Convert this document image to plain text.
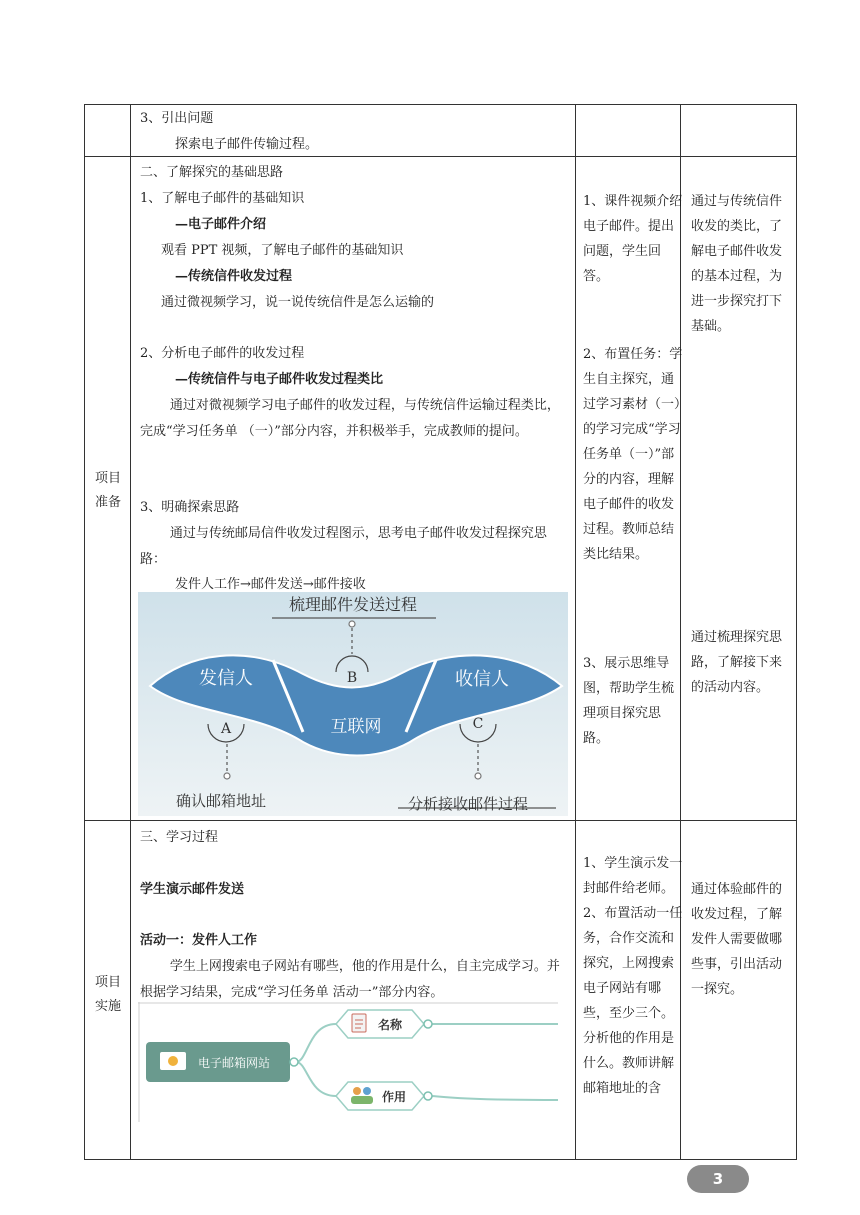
3、引出问题
探索电子邮件传输过程。
项目
准备
二、了解探究的基础思路
1、了解电子邮件的基础知识
—电子邮件介绍
观看 PPT 视频，了解电子邮件的基础知识
—传统信件收发过程
通过微视频学习，说一说传统信件是怎么运输的
2、分析电子邮件的收发过程
—传统信件与电子邮件收发过程类比
通过对微视频学习电子邮件的收发过程，与传统信件运输过程类比，完成“学习任务单 （一）”部分内容，并积极举手，完成教师的提问。
3、明确探索思路
通过与传统邮局信件收发过程图示，思考电子邮件收发过程探究思路：
发件人工作→邮件发送→邮件接收
1、课件视频介绍电子邮件。提出问题，学生回答。
2、布置任务：学生自主探究，通过学习素材（一）的学习完成“学习任务单（一）”部分的内容，理解电子邮件的收发过程。教师总结类比结果。
3、展示思维导图，帮助学生梳理项目探究思路。
通过与传统信件收发的类比，了解电子邮件收发的基本过程，为进一步探究打下基础。
通过梳理探究思路，了解接下来的活动内容。
项目
实施
三、学习过程
学生演示邮件发送
活动一：发件人工作
学生上网搜索电子网站有哪些，他的作用是什么，自主完成学习。并根据学习结果，完成“学习任务单 活动一”部分内容。
1、学生演示发一封邮件给老师。2、布置活动一任务，合作交流和探究，上网搜索电子网站有哪些，至少三个。分析他的作用是什么。教师讲解邮箱地址的含
通过体验邮件的收发过程，了解发件人需要做哪些事，引出活动一探究。
发信人
互联网
收信人
梳理邮件发送过程
B
A	C
确认邮箱地址	分析接收邮件过程
电子邮箱网站
名称
作用
3
